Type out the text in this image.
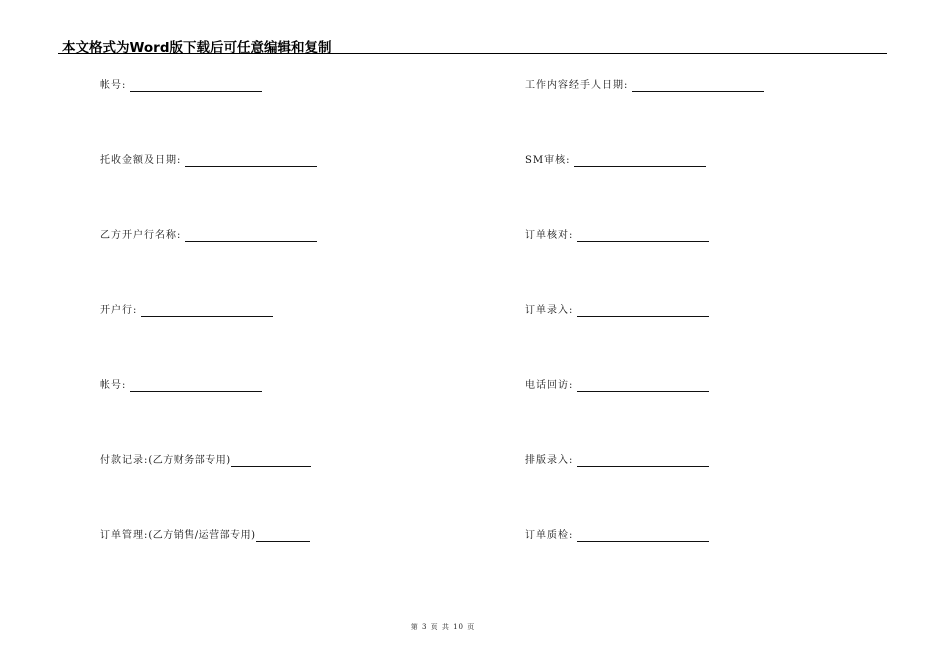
本文格式为Word版下载后可任意编辑和复制
帐号:
托收金额及日期:
乙方开户行名称:
开户行:
帐号:
付款记录:(乙方财务部专用)
订单管理:(乙方销售/运营部专用)
工作内容经手人日期:
SM审核:
订单核对:
订单录入:
电话回访:
排版录入:
订单质检:
第 3 页 共 10 页
